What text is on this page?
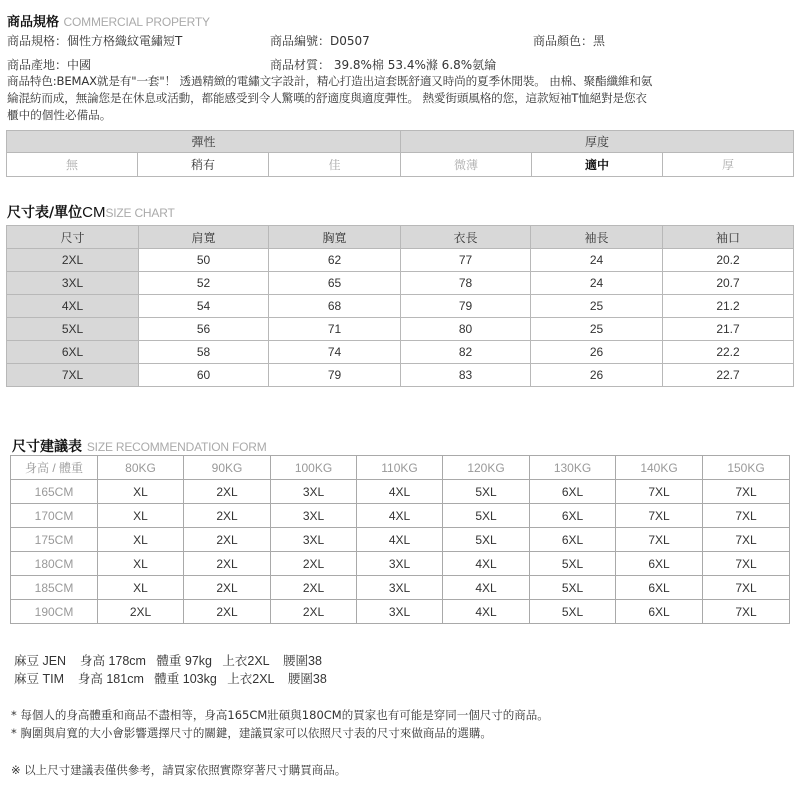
商品規格 COMMERCIAL PROPERTY
商品規格：個性方格織紋電繡短T	商品編號：D0507	商品顏色：黑
商品產地：中國	商品材質： 39.8%棉 53.4%滌 6.8%氨綸
商品特色:BEMAX就是有"一套"！ 透過精緻的電繡文字設計，精心打造出這套既舒適又時尚的夏季休閒裝。 由棉、聚酯纖維和氨
綸混紡而成，無論您是在休息或活動，都能感受到令人驚嘆的舒適度與適度彈性。 熱愛街頭風格的您，這款短袖T恤絕對是您衣
櫃中的個性必備品。
彈性
無	稍有	佳
厚度
微薄	適中	厚
尺寸表/單位CMSIZE CHART
尺寸	肩寬	胸寬	衣長	袖長	袖口
2XL	50	62	77	24	20.2
3XL	52	65	78	24	20.7
4XL	54	68	79	25	21.2
5XL	56	71	80	25	21.7
6XL	58	74	82	26	22.2
7XL	60	79	83	26	22.7
尺寸建議表 SIZE RECOMMENDATION FORM
身高 / 體重	80KG	90KG	100KG	110KG	120KG	130KG	140KG	150KG
165CM	XL	2XL	3XL	4XL	5XL	6XL	7XL	7XL
170CM	XL	2XL	3XL	4XL	5XL	6XL	7XL	7XL
175CM	XL	2XL	3XL	4XL	5XL	6XL	7XL	7XL
180CM	XL	2XL	2XL	3XL	4XL	5XL	6XL	7XL
185CM	XL	2XL	2XL	3XL	4XL	5XL	6XL	7XL
190CM	2XL	2XL	2XL	3XL	4XL	5XL	6XL	7XL
麻豆 JEN    身高 178cm   體重 97kg   上衣2XL    腰圍38
麻豆 TIM    身高 181cm   體重 103kg   上衣2XL    腰圍38
* 每個人的身高體重和商品不盡相等，身高165CM壯碩與180CM的買家也有可能是穿同一個尺寸的商品。
* 胸圍與肩寬的大小會影響選擇尺寸的關鍵，建議買家可以依照尺寸表的尺寸來做商品的選購。
※ 以上尺寸建議表僅供參考，請買家依照實際穿著尺寸購買商品。
